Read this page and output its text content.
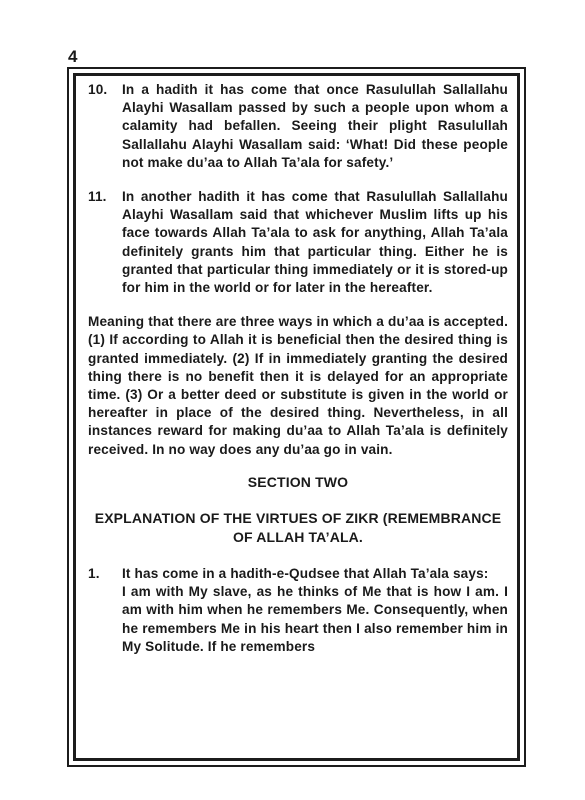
4
10.	In a hadith it has come that once Rasulullah Sallallahu Alayhi Wasallam passed by such a people upon whom a calamity had befallen. Seeing their plight Rasulullah Sallallahu Alayhi Wasallam said: ‘What! Did these people not make du’aa to Allah Ta’ala for safety.’
11.	In another hadith it has come that Rasulullah Sallallahu Alayhi Wasallam said that whichever Muslim lifts up his face towards Allah Ta’ala to ask for anything, Allah Ta’ala definitely grants him that particular thing. Either he is granted that particular thing immediately or it is stored-up for him in the world or for later in the hereafter.
Meaning that there are three ways in which a du’aa is accepted. (1) If according to Allah it is beneficial then the desired thing is granted immediately. (2) If in immediately granting the desired thing there is no benefit then it is delayed for an appropriate time. (3) Or a better deed or substitute is given in the world or hereafter in place of the desired thing. Nevertheless, in all instances reward for making du’aa to Allah Ta’ala is definitely received. In no way does any du’aa go in vain.
SECTION TWO
EXPLANATION OF THE VIRTUES OF ZIKR (REMEMBRANCE OF ALLAH TA’ALA.
1.	It has come in a hadith-e-Qudsee that Allah Ta’ala says:
I am with My slave, as he thinks of Me that is how I am. I am with him when he remembers Me. Consequently, when he remembers Me in his heart then I also remember him in My Solitude. If he remembers
